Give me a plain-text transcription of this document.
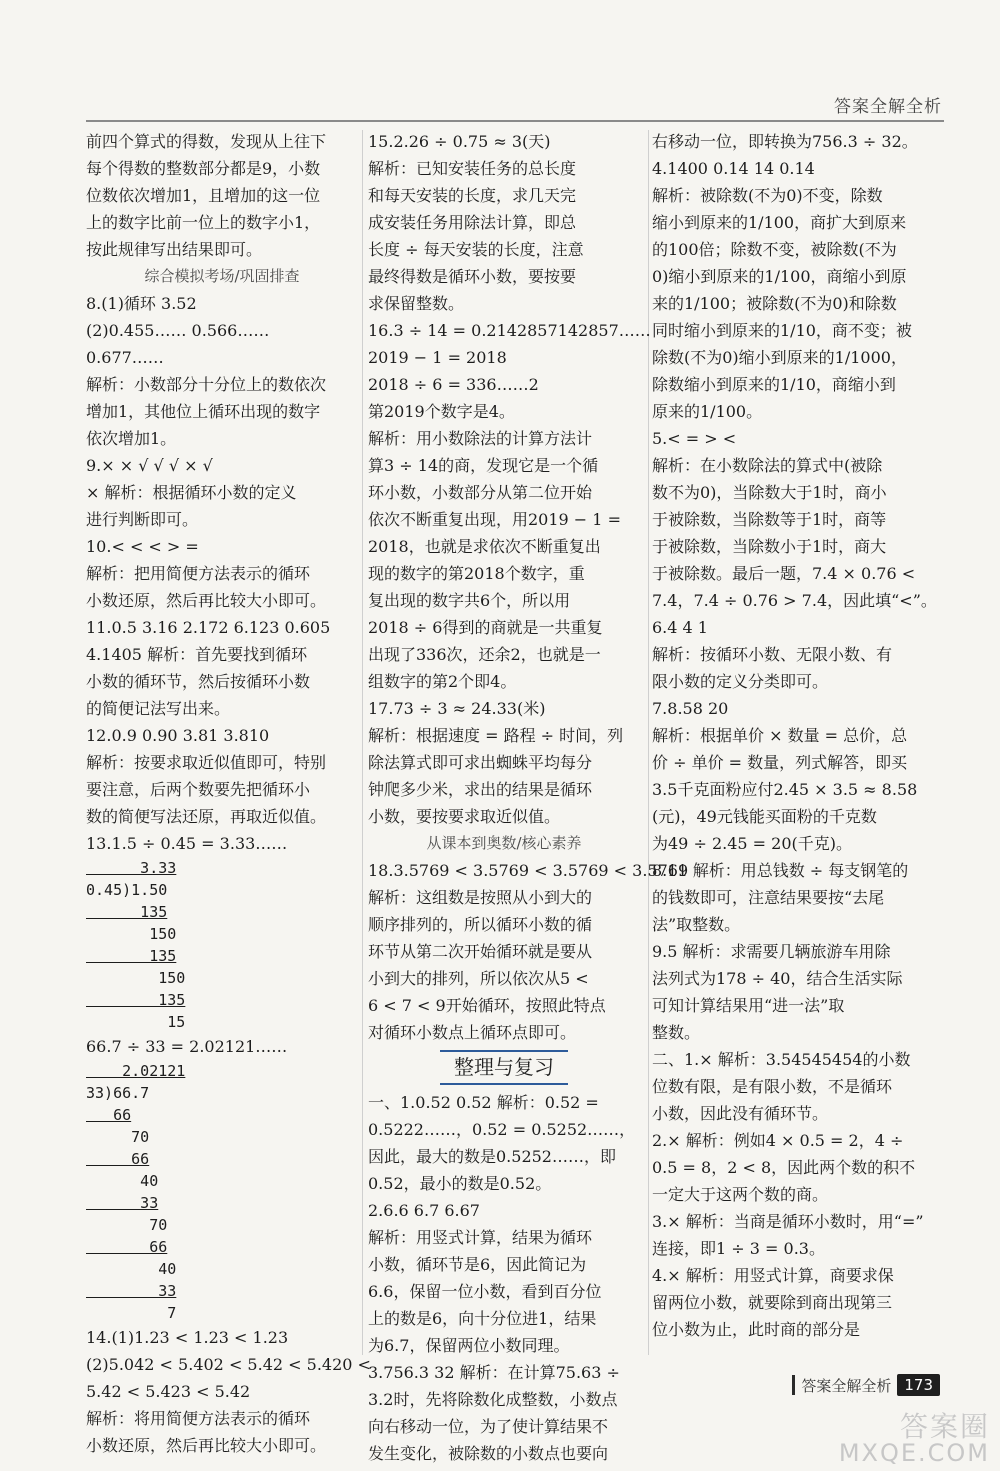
答案全解全析
前四个算式的得数，发现从上往下
每个得数的整数部分都是9，小数
位数依次增加1，且增加的这一位
上的数字比前一位上的数字小1，
按此规律写出结果即可。
综合模拟考场/巩固排查
8.(1)循环 3.52
(2)0.455…… 0.566……
0.677……
解析：小数部分十分位上的数依次
增加1，其他位上循环出现的数字
依次增加1。
9.× × √ √ √ × √
× 解析：根据循环小数的定义
进行判断即可。
10.< < < > =
解析：把用简便方法表示的循环
小数还原，然后再比较大小即可。
11.0.5 3.16 2.172 6.123 0.605
4.1405 解析：首先要找到循环
小数的循环节，然后按循环小数
的简便记法写出来。
12.0.9 0.90 3.81 3.810
解析：按要求取近似值即可，特别
要注意，后两个数要先把循环小
数的简便写法还原，再取近似值。
13.1.5 ÷ 0.45 = 3.33……
3.33
0.45)1.50
135
150
135
150
135
15
66.7 ÷ 33 = 2.02121……
2.02121
33)66.7
66
70
66
40
33
70
66
40
33
7
14.(1)1.23 < 1.23 < 1.23
(2)5.042 < 5.402 < 5.42 < 5.420 <
5.42 < 5.423 < 5.42
解析：将用简便方法表示的循环
小数还原，然后再比较大小即可。
15.2.26 ÷ 0.75 ≈ 3(天)
解析：已知安装任务的总长度
和每天安装的长度，求几天完
成安装任务用除法计算，即总
长度 ÷ 每天安装的长度，注意
最终得数是循环小数，要按要
求保留整数。
16.3 ÷ 14 = 0.2142857142857……
2019 − 1 = 2018
2018 ÷ 6 = 336……2
第2019个数字是4。
解析：用小数除法的计算方法计
算3 ÷ 14的商，发现它是一个循
环小数，小数部分从第二位开始
依次不断重复出现，用2019 − 1 =
2018，也就是求依次不断重复出
现的数字的第2018个数字，重
复出现的数字共6个，所以用
2018 ÷ 6得到的商就是一共重复
出现了336次，还余2，也就是一
组数字的第2个即4。
17.73 ÷ 3 ≈ 24.33(米)
解析：根据速度 = 路程 ÷ 时间，列
除法算式即可求出蜘蛛平均每分
钟爬多少米，求出的结果是循环
小数，要按要求取近似值。
从课本到奥数/核心素养
18.3.5769 < 3.5769 < 3.5769 < 3.5769
解析：这组数是按照从小到大的
顺序排列的，所以循环小数的循
环节从第二次开始循环就是要从
小到大的排列，所以依次从5 <
6 < 7 < 9开始循环，按照此特点
对循环小数点上循环点即可。
整理与复习
一、1.0.52 0.52 解析：0.52 =
0.5222……，0.52 = 0.5252……，
因此，最大的数是0.5252……，即
0.52，最小的数是0.52。
2.6.6 6.7 6.67
解析：用竖式计算，结果为循环
小数，循环节是6，因此简记为
6.6，保留一位小数，看到百分位
上的数是6，向十分位进1，结果
为6.7，保留两位小数同理。
3.756.3 32 解析：在计算75.63 ÷
3.2时，先将除数化成整数，小数点
向右移动一位，为了使计算结果不
发生变化，被除数的小数点也要向
右移动一位，即转换为756.3 ÷ 32。
4.1400 0.14 14 0.14
解析：被除数(不为0)不变，除数
缩小到原来的1/100，商扩大到原来
的100倍；除数不变，被除数(不为
0)缩小到原来的1/100，商缩小到原
来的1/100；被除数(不为0)和除数
同时缩小到原来的1/10，商不变；被
除数(不为0)缩小到原来的1/1000，
除数缩小到原来的1/10，商缩小到
原来的1/100。
5.< = > <
解析：在小数除法的算式中(被除
数不为0)，当除数大于1时，商小
于被除数，当除数等于1时，商等
于被除数，当除数小于1时，商大
于被除数。最后一题，7.4 × 0.76 <
7.4，7.4 ÷ 0.76 > 7.4，因此填“<”。
6.4 4 1
解析：按循环小数、无限小数、有
限小数的定义分类即可。
7.8.58 20
解析：根据单价 × 数量 = 总价，总
价 ÷ 单价 = 数量，列式解答，即买
3.5千克面粉应付2.45 × 3.5 ≈ 8.58
(元)，49元钱能买面粉的千克数
为49 ÷ 2.45 = 20(千克)。
8.11 解析：用总钱数 ÷ 每支钢笔的
的钱数即可，注意结果要按“去尾
法”取整数。
9.5 解析：求需要几辆旅游车用除
法列式为178 ÷ 40，结合生活实际
可知计算结果用“进一法”取
整数。
二、1.× 解析：3.54545454的小数
位数有限，是有限小数，不是循环
小数，因此没有循环节。
2.× 解析：例如4 × 0.5 = 2，4 ÷
0.5 = 8，2 < 8，因此两个数的积不
一定大于这两个数的商。
3.× 解析：当商是循环小数时，用“=”
连接，即1 ÷ 3 = 0.3。
4.× 解析：用竖式计算，商要求保
留两位小数，就要除到商出现第三
位小数为止，此时商的部分是
答案全解全析 173
答案圈
MXQE.COM
